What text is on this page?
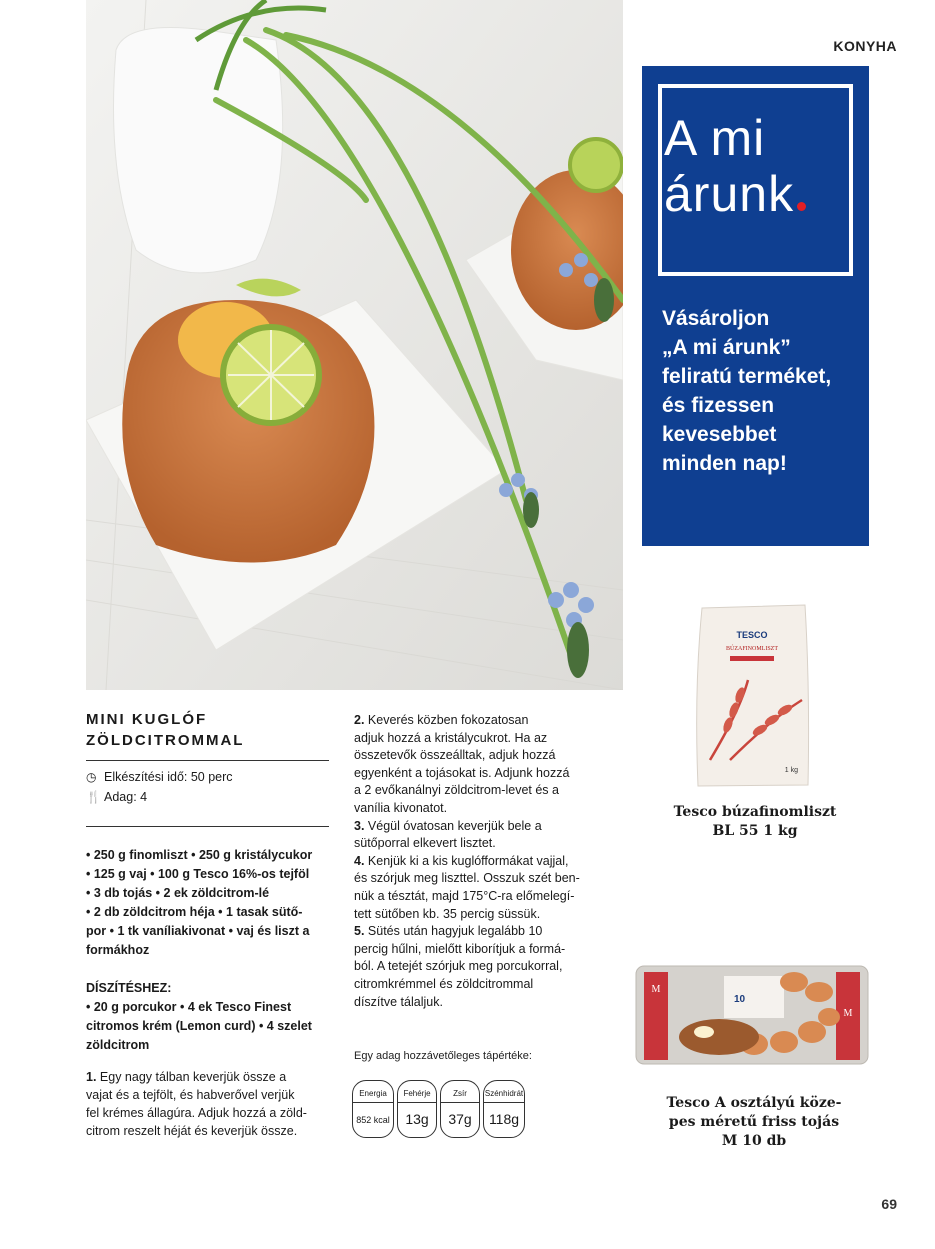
KONYHA
A mi
árunk
Vásároljon
„A mi árunk”
feliratú terméket,
és fizessen
kevesebbet
minden nap!
MINI KUGLÓF
ZÖLDCITROMMAL
◷ Elkészítési idő: 50 perc
🍴 Adag: 4

• 250 g finomliszt • 250 g kristálycukor

• 125 g vaj • 100 g Tesco 16%-os tejföl

• 3 db tojás • 2 ek zöldcitrom-lé

• 2 db zöldcitrom héja • 1 tasak sütő-

por • 1 tk vaníliakivonat • vaj és liszt a

formákhoz

DÍSZÍTÉSHEZ:

• 20 g porcukor • 4 ek Tesco Finest

citromos krém (Lemon curd) • 4 szelet

zöldcitrom

1. Egy nagy tálban keverjük össze a
vajat és a tejfölt, és habverővel verjük
fel krémes állagúra. Adjuk hozzá a zöld-
citrom reszelt héját és keverjük össze.
2. Keverés közben fokozatosan
adjuk hozzá a kristálycukrot. Ha az
összetevők összeálltak, adjuk hozzá
egyenként a tojásokat is. Adjunk hozzá
a 2 evőkanálnyi zöldcitrom-levet és a
vanília kivonatot.
3. Végül óvatosan keverjük bele a
sütőporral elkevert lisztet.
4. Kenjük ki a kis kuglófformákat vajjal,
és szórjuk meg liszttel. Osszuk szét ben-
nük a tésztát, majd 175°C-ra előmelegí-
tett sütőben kb. 35 percig süssük.
5. Sütés után hagyjuk legalább 10
percig hűlni, mielőtt kiborítjuk a formá-
ból. A tetejét szórjuk meg porcukorral,
citromkrémmel és zöldcitrommal
díszítve tálaljuk.
Egy adag hozzávetőleges tápértéke:
Energia
852 kcal
Fehérje
13g
Zsír
37g
Szénhidrát
118g
TESCO
BÚZAFINOMLISZT
1 kg
Tesco búzafinomliszt
BL 55 1 kg
M
M
10
Tesco A osztályú köze-
pes méretű friss tojás
M 10 db
69
